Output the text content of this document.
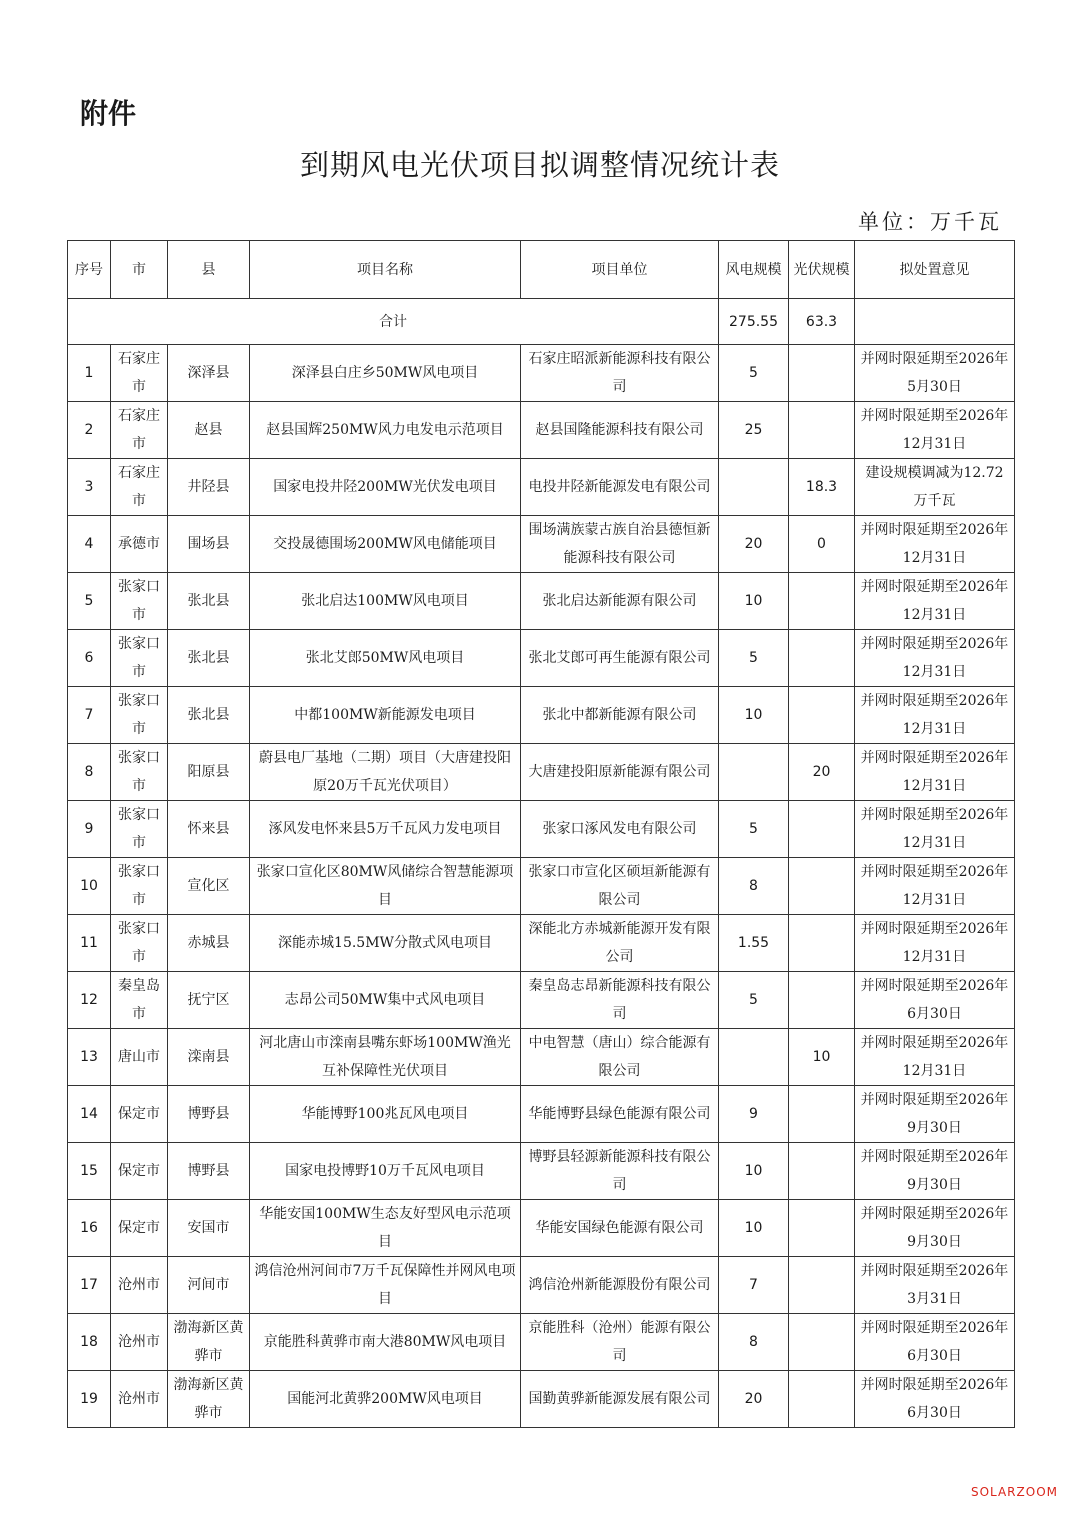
附件
到期风电光伏项目拟调整情况统计表
单位：万千瓦
序号	市	县	项目名称	项目单位	风电规模	光伏规模	拟处置意见
合计					275.55	63.3	
1	石家庄市	深泽县	深泽县白庄乡50MW风电项目	石家庄昭派新能源科技有限公司	5		并网时限延期至2026年5月30日
2	石家庄市	赵县	赵县国辉250MW风力电发电示范项目	赵县国隆能源科技有限公司	25		并网时限延期至2026年12月31日
3	石家庄市	井陉县	国家电投井陉200MW光伏发电项目	电投井陉新能源发电有限公司		18.3	建设规模调减为12.72万千瓦
4	承德市	围场县	交投晟德围场200MW风电储能项目	围场满族蒙古族自治县德恒新能源科技有限公司	20	0	并网时限延期至2026年12月31日
5	张家口市	张北县	张北启达100MW风电项目	张北启达新能源有限公司	10		并网时限延期至2026年12月31日
6	张家口市	张北县	张北艾郎50MW风电项目	张北艾郎可再生能源有限公司	5		并网时限延期至2026年12月31日
7	张家口市	张北县	中都100MW新能源发电项目	张北中都新能源有限公司	10		并网时限延期至2026年12月31日
8	张家口市	阳原县	蔚县电厂基地（二期）项目（大唐建投阳原20万千瓦光伏项目）	大唐建投阳原新能源有限公司		20	并网时限延期至2026年12月31日
9	张家口市	怀来县	涿风发电怀来县5万千瓦风力发电项目	张家口涿风发电有限公司	5		并网时限延期至2026年12月31日
10	张家口市	宣化区	张家口宣化区80MW风储综合智慧能源项目	张家口市宣化区硕垣新能源有限公司	8		并网时限延期至2026年12月31日
11	张家口市	赤城县	深能赤城15.5MW分散式风电项目	深能北方赤城新能源开发有限公司	1.55		并网时限延期至2026年12月31日
12	秦皇岛市	抚宁区	志昂公司50MW集中式风电项目	秦皇岛志昂新能源科技有限公司	5		并网时限延期至2026年6月30日
13	唐山市	滦南县	河北唐山市滦南县嘴东虾场100MW渔光互补保障性光伏项目	中电智慧（唐山）综合能源有限公司		10	并网时限延期至2026年12月31日
14	保定市	博野县	华能博野100兆瓦风电项目	华能博野县绿色能源有限公司	9		并网时限延期至2026年9月30日
15	保定市	博野县	国家电投博野10万千瓦风电项目	博野县轻源新能源科技有限公司	10		并网时限延期至2026年9月30日
16	保定市	安国市	华能安国100MW生态友好型风电示范项目	华能安国绿色能源有限公司	10		并网时限延期至2026年9月30日
17	沧州市	河间市	鸿信沧州河间市7万千瓦保障性并网风电项目	鸿信沧州新能源股份有限公司	7		并网时限延期至2026年3月31日
18	沧州市	渤海新区黄骅市	京能胜科黄骅市南大港80MW风电项目	京能胜科（沧州）能源有限公司	8		并网时限延期至2026年6月30日
19	沧州市	渤海新区黄骅市	国能河北黄骅200MW风电项目	国勤黄骅新能源发展有限公司	20		并网时限延期至2026年6月30日
SOLARZOOM
